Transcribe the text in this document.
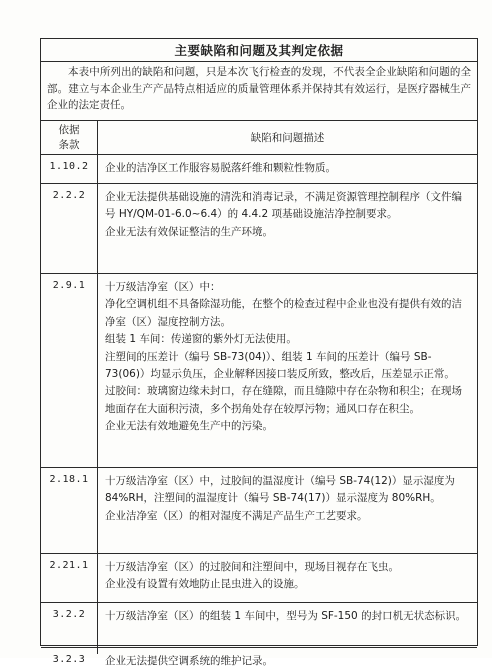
主要缺陷和问题及其判定依据
本表中所列出的缺陷和问题，只是本次飞行检查的发现，不代表全企业缺陷和问题的全部。建立与本企业生产产品特点相适应的质量管理体系并保持其有效运行，是医疗器械生产企业的法定责任。
依据条款
缺陷和问题描述
1.10.2	企业的洁净区工作服容易脱落纤维和颗粒性物质。

2.2.2	企业无法提供基础设施的清洗和消毒记录，不满足资源管理控制程序（文件编号 HY/QM-01-6.0~6.4）的 4.4.2 项基础设施洁净控制要求。

企业无法有效保证整洁的生产环境。

2.9.1	十万级洁净室（区）中：

净化空调机组不具备除湿功能，在整个的检查过程中企业也没有提供有效的洁净室（区）湿度控制方法。

组装 1 车间：传递窗的紫外灯无法使用。

注塑间的压差计（编号 SB-73(04)）、组装 1 车间的压差计（编号 SB-73(06)）均显示负压，企业解释因接口装反所致，整改后，压差显示正常。

过胶间：玻璃窗边缘未封口，存在缝隙，而且缝隙中存在杂物和积尘；在现场地面存在大面积污渍，多个拐角处存在较厚污物；通风口存在积尘。

企业无法有效地避免生产中的污染。

2.18.1	十万级洁净室（区）中，过胶间的温湿度计（编号 SB-74(12)）显示湿度为 84%RH，注塑间的温湿度计（编号 SB-74(17)）显示湿度为 80%RH。

企业洁净室（区）的相对湿度不满足产品生产工艺要求。

2.21.1	十万级洁净室（区）的过胶间和注塑间中，现场目视存在飞虫。

企业没有设置有效地防止昆虫进入的设施。

3.2.2	十万级洁净室（区）的组装 1 车间中，型号为 SF-150 的封口机无状态标识。

3.2.3	企业无法提供空调系统的维护记录。
